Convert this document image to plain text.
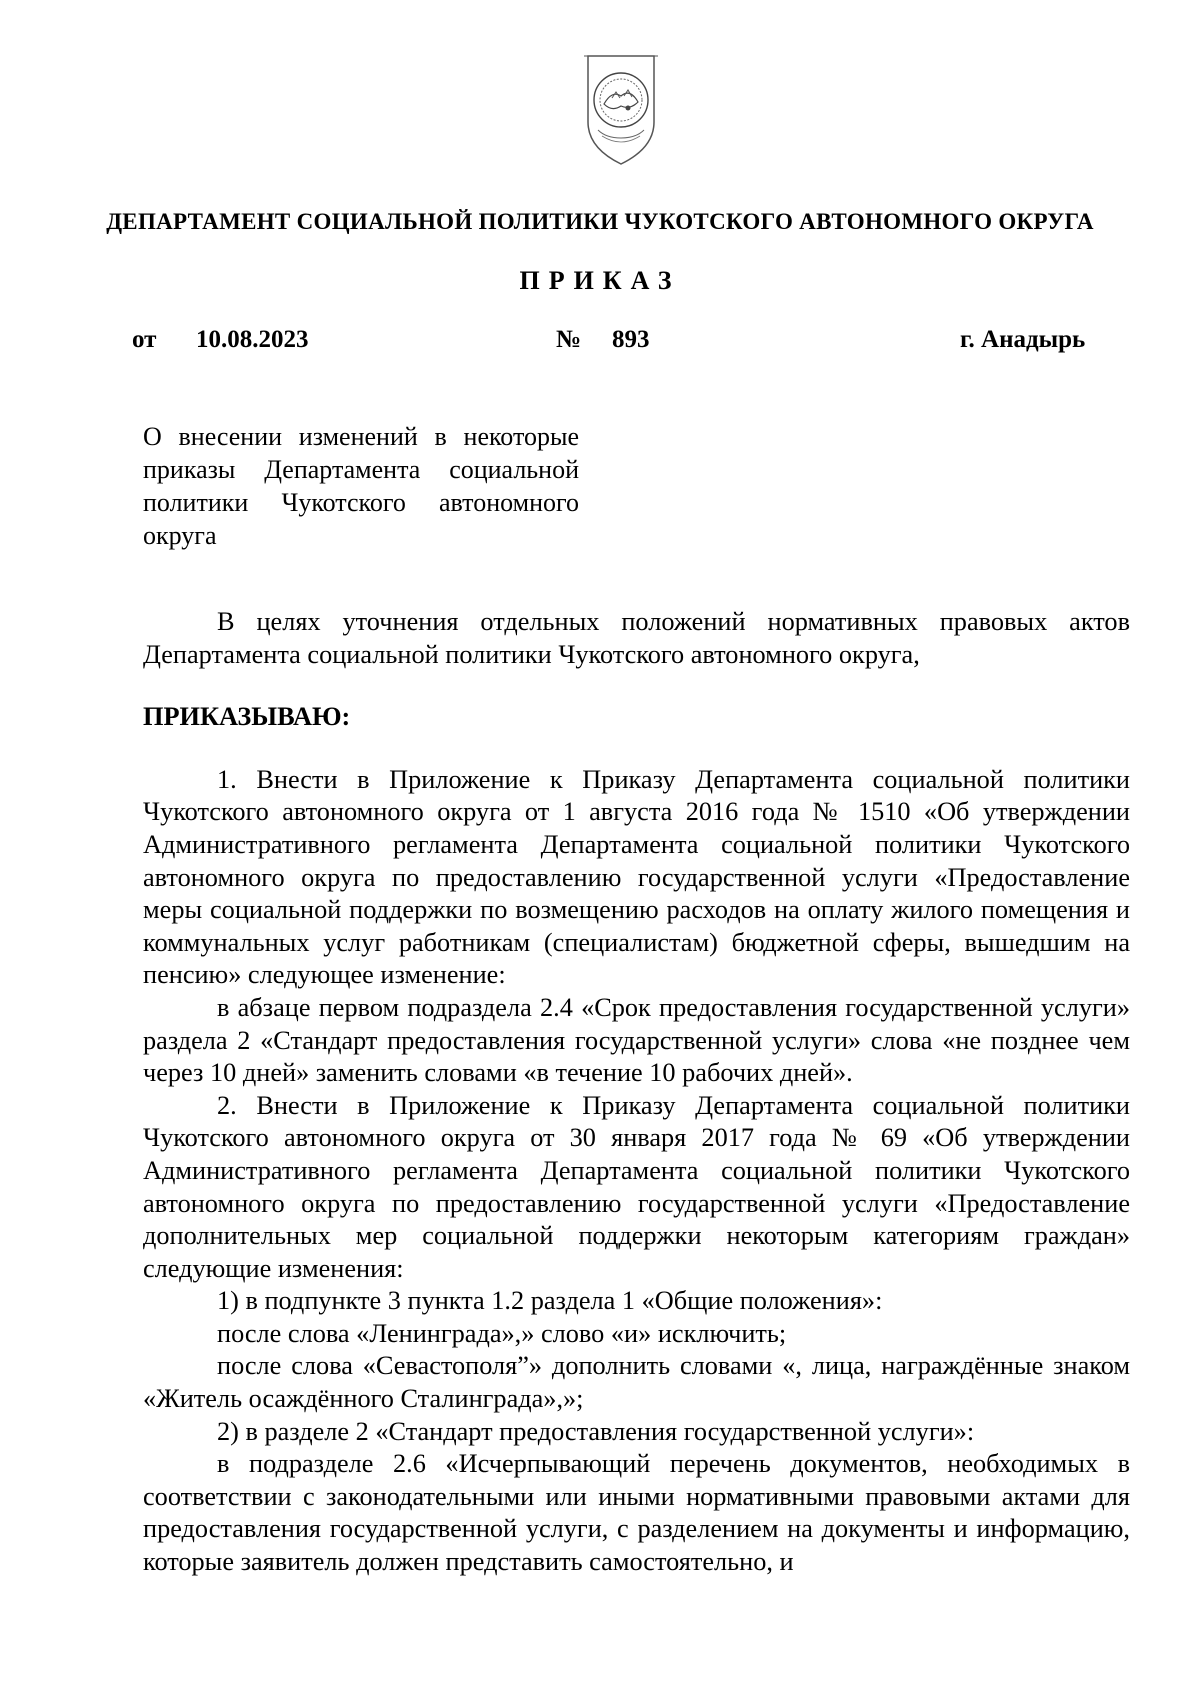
ДЕПАРТАМЕНТ СОЦИАЛЬНОЙ ПОЛИТИКИ ЧУКОТСКОГО АВТОНОМНОГО ОКРУГА
ПРИКАЗ
от 10.08.2023	№ 893	г. Анадырь
О внесении изменений в некоторые приказы Департамента социальной политики Чукотского автономного округа

В целях уточнения отдельных положений нормативных правовых актов Департамента социальной политики Чукотского автономного округа,

ПРИКАЗЫВАЮ:

1. Внести в Приложение к Приказу Департамента социальной политики Чукотского автономного округа от 1 августа 2016 года № 1510 «Об утверждении Административного регламента Департамента социальной политики Чукотского автономного округа по предоставлению государственной услуги «Предоставление меры социальной поддержки по возмещению расходов на оплату жилого помещения и коммунальных услуг работникам (специалистам) бюджетной сферы, вышедшим на пенсию» следующее изменение:

в абзаце первом подраздела 2.4 «Срок предоставления государственной услуги» раздела 2 «Стандарт предоставления государственной услуги» слова «не позднее чем через 10 дней» заменить словами «в течение 10 рабочих дней».

2. Внести в Приложение к Приказу Департамента социальной политики Чукотского автономного округа от 30 января 2017 года № 69 «Об утверждении Административного регламента Департамента социальной политики Чукотского автономного округа по предоставлению государственной услуги «Предоставление дополнительных мер социальной поддержки некоторым категориям граждан» следующие изменения:

1) в подпункте 3 пункта 1.2 раздела 1 «Общие положения»:

после слова «Ленинграда»,» слово «и» исключить;

после слова «Севастополя”» дополнить словами «, лица, награждённые знаком «Житель осаждённого Сталинграда»,»;

2) в разделе 2 «Стандарт предоставления государственной услуги»:

в подразделе 2.6 «Исчерпывающий перечень документов, необходимых в соответствии с законодательными или иными нормативными правовыми актами для предоставления государственной услуги, с разделением на документы и информацию, которые заявитель должен представить самостоятельно, и
